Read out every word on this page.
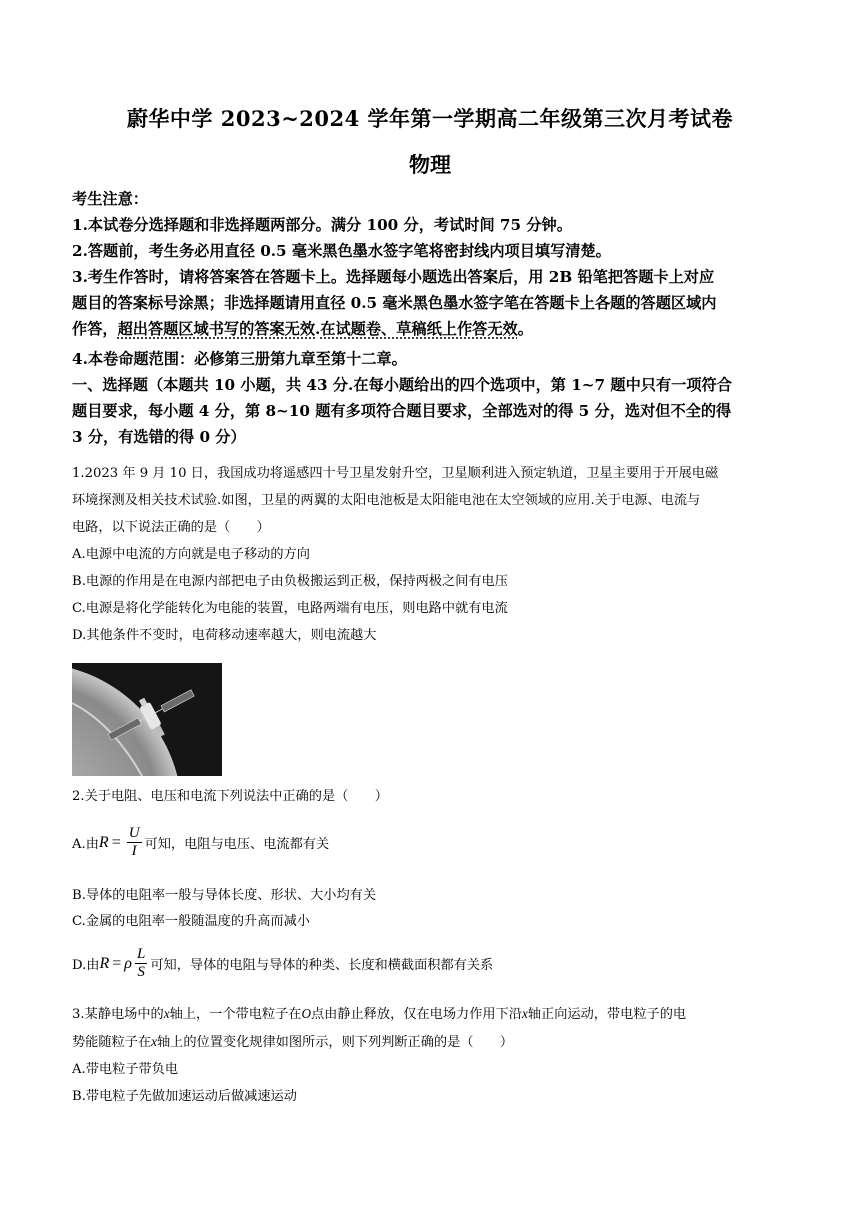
蔚华中学 2023~2024 学年第一学期高二年级第三次月考试卷
物理
考生注意：
1.本试卷分选择题和非选择题两部分。满分 100 分，考试时间 75 分钟。
2.答题前，考生务必用直径 0.5 毫米黑色墨水签字笔将密封线内项目填写清楚。
3.考生作答时，请将答案答在答题卡上。选择题每小题选出答案后，用 2B 铅笔把答题卡上对应
题目的答案标号涂黑；非选择题请用直径 0.5 毫米黑色墨水签字笔在答题卡上各题的答题区域内
作答，超出答题区域书写的答案无效.在试题卷、草稿纸上作答无效。
4.本卷命题范围：必修第三册第九章至第十二章。
一、选择题（本题共 10 小题，共 43 分.在每小题给出的四个选项中，第 1~7 题中只有一项符合
题目要求，每小题 4 分，第 8~10 题有多项符合题目要求，全部选对的得 5 分，选对但不全的得
3 分，有选错的得 0 分）
1.2023 年 9 月 10 日，我国成功将遥感四十号卫星发射升空，卫星顺利进入预定轨道，卫星主要用于开展电磁
环境探测及相关技术试验.如图，卫星的两翼的太阳电池板是太阳能电池在太空领域的应用.关于电源、电流与
电路，以下说法正确的是（　　）
A.电源中电流的方向就是电子移动的方向
B.电源的作用是在电源内部把电子由负极搬运到正极，保持两极之间有电压
C.电源是将化学能转化为电能的装置，电路两端有电压，则电路中就有电流
D.其他条件不变时，电荷移动速率越大，则电流越大
2.关于电阻、电压和电流下列说法中正确的是（　　）
A.由 $R = \frac{U}{I}$ 可知，电阻与电压、电流都有关
B.导体的电阻率一般与导体长度、形状、大小均有关
C.金属的电阻率一般随温度的升高而减小
D.由 R = ρ $\frac{L}{S}$ 可知，导体的电阻与导体的种类、长度和横截面积都有关系
3.某静电场中的x轴上，一个带电粒子在O点由静止释放，仅在电场力作用下沿x轴正向运动，带电粒子的电
势能随粒子在x轴上的位置变化规律如图所示，则下列判断正确的是（　　）
A.带电粒子带负电
B.带电粒子先做加速运动后做减速运动
